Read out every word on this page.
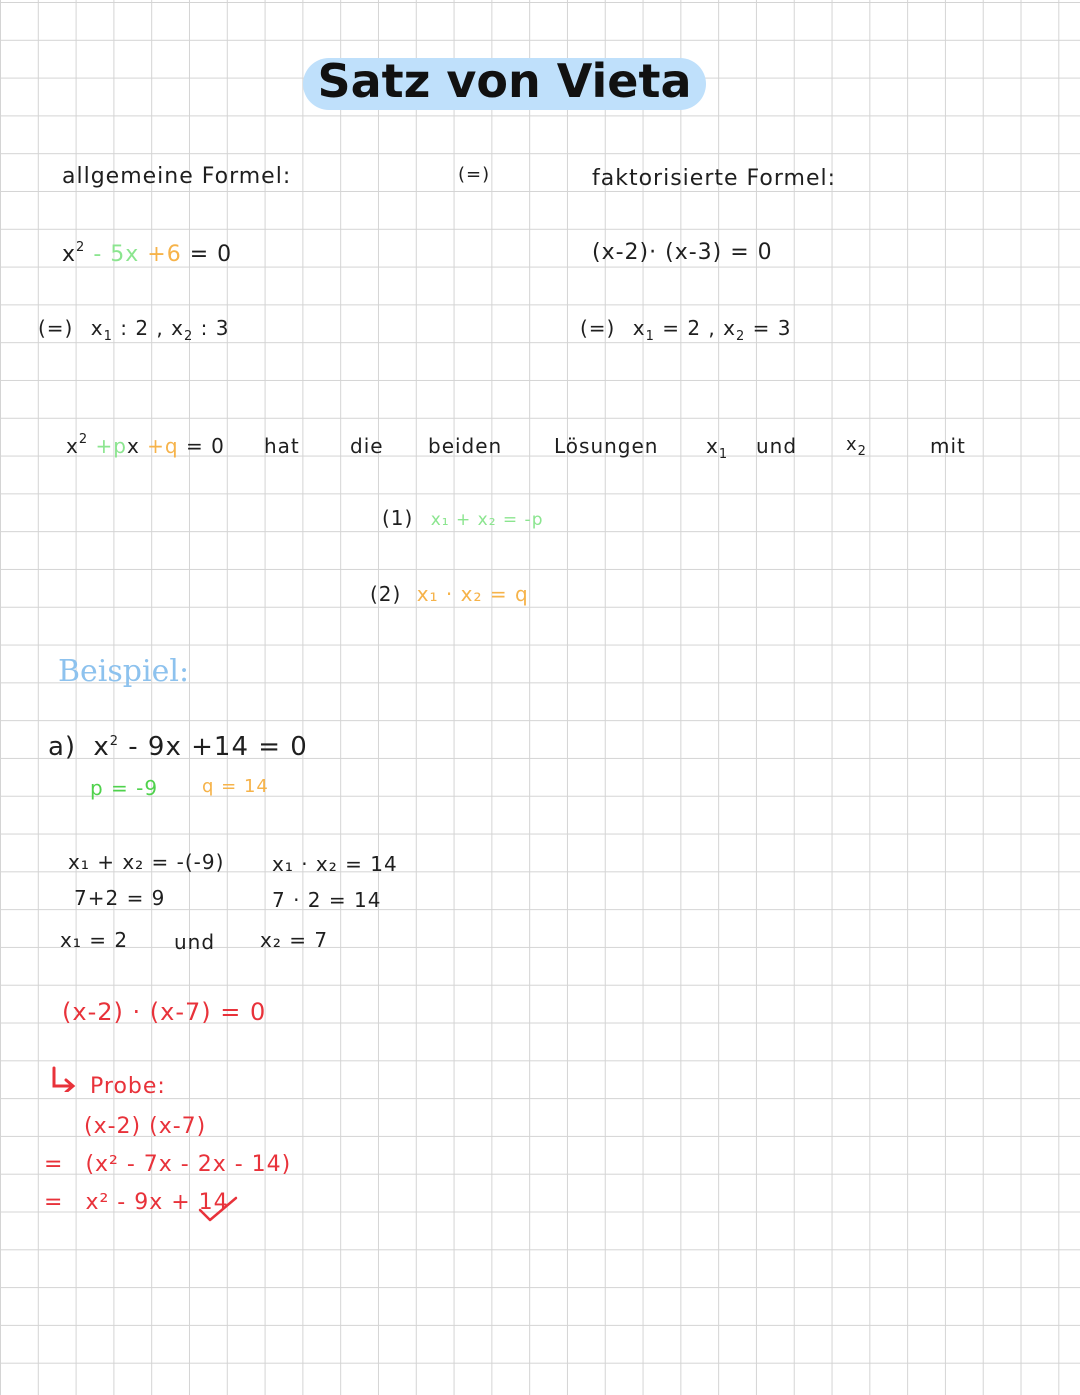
Satz von Vieta
allgemeine Formel:	(=)	faktorisierte Formel:
$x^2 - 5x +6 = 0$	(x-2)· (x-3) = 0
(=) $x_1$ : 2 , $x_2$ : 3	(=) $x_1 = 2$ , $x_2 = 3$
$x^2 +px +q = 0$ hat	die beiden	Lösungen $x_1$ und	$x_2$	mit
(1) x₁ + x₂ = -p
(2) x₁ · x₂ = q
Beispiel:
a) $x^2 - 9x +14 = 0$
p = -9 q = 14
x₁ + x₂ = -(-9)
7+2 = 9
x₁ · x₂ = 14
7 · 2 = 14
x₁ = 2 und x₂ = 7
(x-2) · (x-7) = 0
Probe:
(x-2) (x-7)
= (x² - 7x - 2x - 14)
= x² - 9x + 14
